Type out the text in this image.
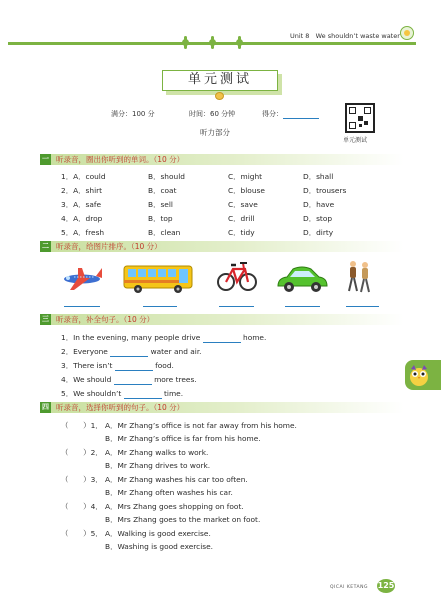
Unit 8 We shouldn’t waste water
单元测试
满分：100 分	时间：60 分钟	得分：
听力部分
单元测试
一 听录音，圈出你听到的单词。（10 分）
1．A．could	B．should	C．might	D．shall
2．A．shirt	B．coat	C．blouse	D．trousers
3．A．safe	B．sell	C．save	D．have
4．A．drop	B．top	C．drill	D．stop
5．A．fresh	B．clean	C．tidy	D．dirty
二 听录音，给图片排序。（10 分）
三 听录音，补全句子。（10 分）
1．In the evening, many people drive	home.
2．Everyone	water and air.
3．There isn’t	food.
4．We should	more trees.
5．We shouldn’t	time.
四 听录音，选择你听到的句子。（10 分）
（　　）1． A．Mr Zhang’s office is not far away from his home.
B．Mr Zhang’s office is far from his home.
（　　）2． A．Mr Zhang walks to work.
B．Mr Zhang drives to work.
（　　）3． A．Mr Zhang washes his car too often.
B．Mr Zhang often washes his car.
（　　）4． A．Mrs Zhang goes shopping on foot.
B．Mrs Zhang goes to the market on foot.
（　　）5． A．Walking is good exercise.
B．Washing is good exercise.
QICAI KETANG 125
